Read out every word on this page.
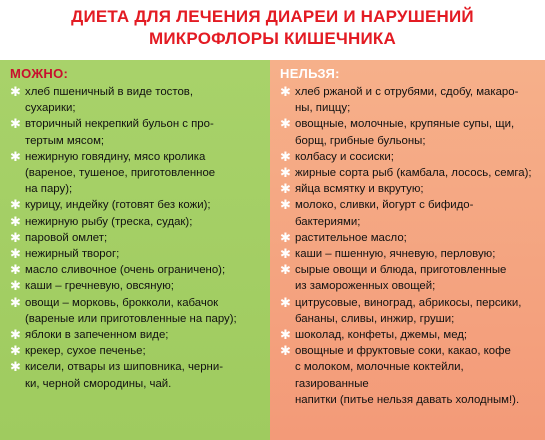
ДИЕТА ДЛЯ ЛЕЧЕНИЯ ДИАРЕИ И НАРУШЕНИЙ
МИКРОФЛОРЫ КИШЕЧНИКА
МОЖНО:
✱ хлеб пшеничный в виде тостов,
сухарики;
✱ вторичный некрепкий бульон с про-
тертым мясом;
✱ нежирную говядину, мясо кролика
(вареное, тушеное, приготовленное
на пару);
✱ курицу, индейку (готовят без кожи);
✱ нежирную рыбу (треска, судак);
✱ паровой омлет;
✱ нежирный творог;
✱ масло сливочное (очень ограничено);
✱ каши – гречневую, овсяную;
✱ овощи – морковь, брокколи, кабачок
(вареные или приготовленные на пару);
✱ яблоки в запеченном виде;
✱ крекер, сухое печенье;
✱ кисели, отвары из шиповника, черни-
ки, черной смородины, чай.
НЕЛЬЗЯ:
✱ хлеб ржаной и с отрубями, сдобу, макаро-
ны, пиццу;
✱ овощные, молочные, крупяные супы, щи,
борщ, грибные бульоны;
✱ колбасу и сосиски;
✱ жирные сорта рыб (камбала, лосось, семга);
✱ яйца всмятку и вкрутую;
✱ молоко, сливки, йогурт с бифидо-
бактериями;
✱ растительное масло;
✱ каши – пшенную, ячневую, перловую;
✱ сырые овощи и блюда, приготовленные
из замороженных овощей;
✱ цитрусовые, виноград, абрикосы, персики,
бананы, сливы, инжир, груши;
✱ шоколад, конфеты, джемы, мед;
✱ овощные и фруктовые соки, какао, кофе
с молоком, молочные коктейли, газированные
напитки (питье нельзя давать холодным!).
